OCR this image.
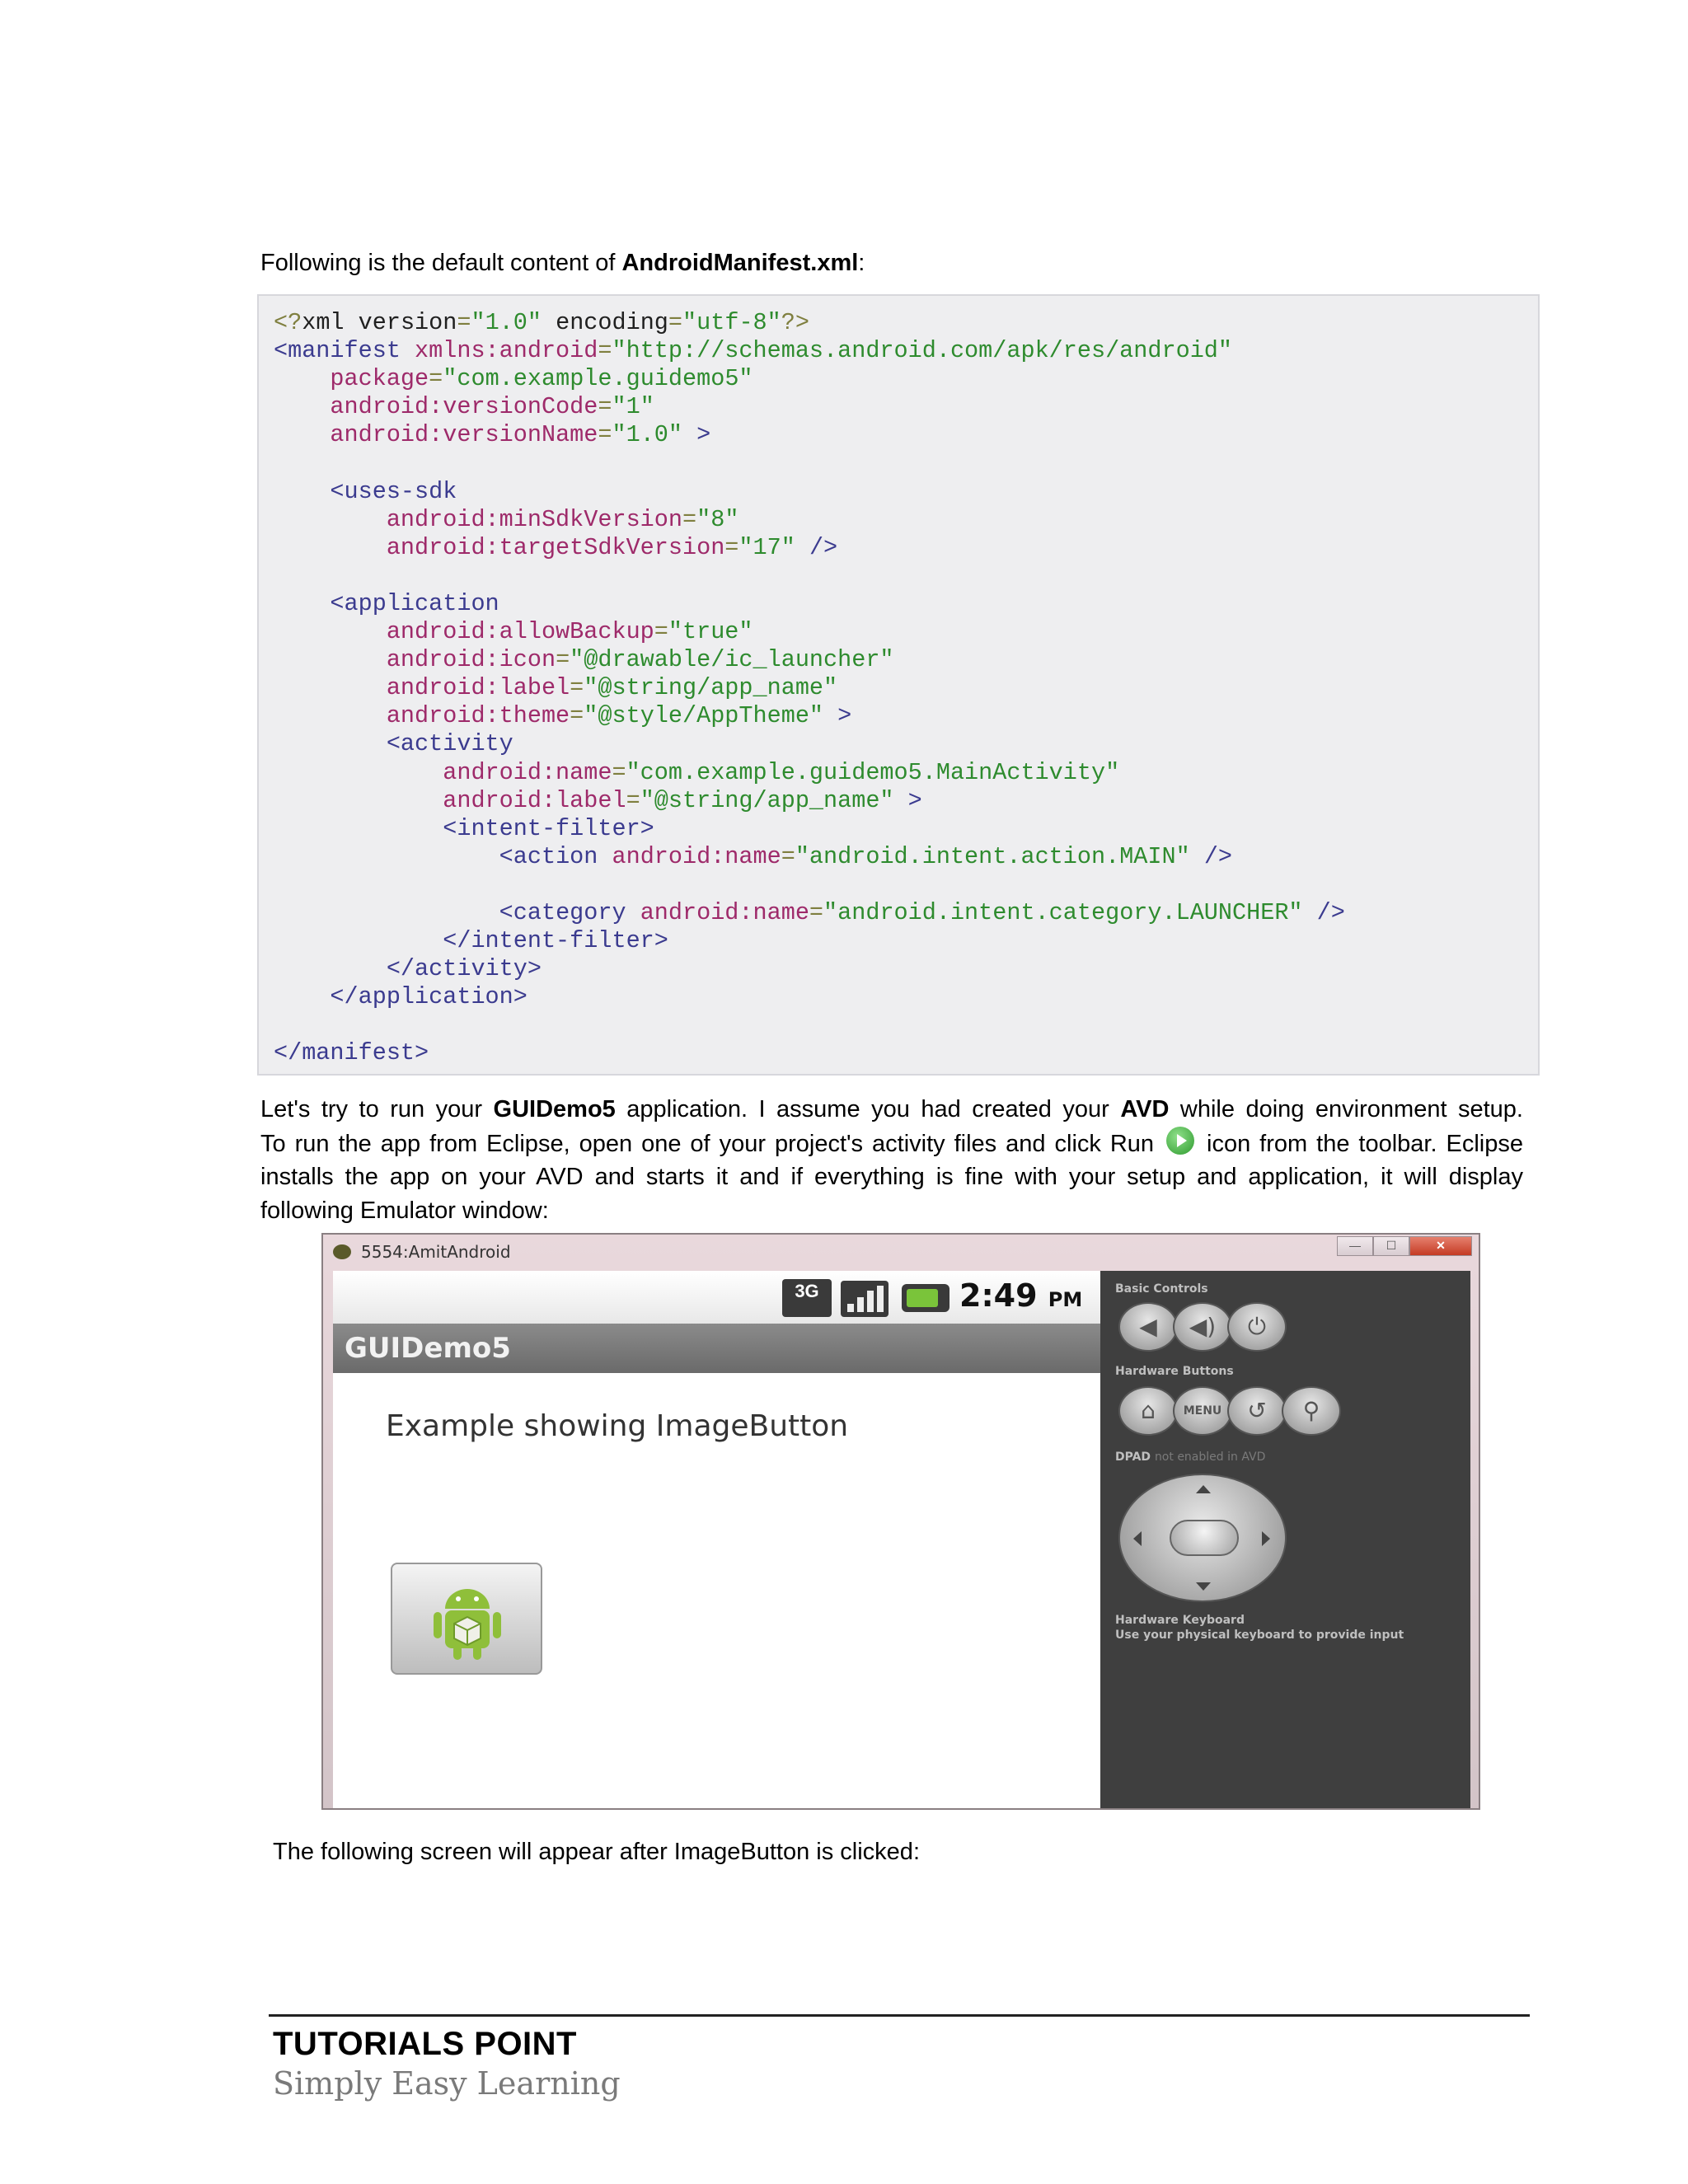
Following is the default content of AndroidManifest.xml:
<?xml version="1.0" encoding="utf-8"?>
<manifest xmlns:android="http://schemas.android.com/apk/res/android"
package="com.example.guidemo5"
android:versionCode="1"
android:versionName="1.0" >

<uses-sdk
android:minSdkVersion="8"
android:targetSdkVersion="17" />

<application
android:allowBackup="true"
android:icon="@drawable/ic_launcher"
android:label="@string/app_name"
android:theme="@style/AppTheme" >
<activity
android:name="com.example.guidemo5.MainActivity"
android:label="@string/app_name" >
<intent-filter>
<action android:name="android.intent.action.MAIN" />

<category android:name="android.intent.category.LAUNCHER" />
</intent-filter>
</activity>
</application>

</manifest>
Let's try to run your GUIDemo5 application. I assume you had created your AVD while doing environment setup.
To run the app from Eclipse, open one of your project's activity files and click Run  icon from the toolbar. Eclipse
installs the app on your AVD and starts it and if everything is fine with your setup and application, it will display
following Emulator window:
5554:AmitAndroid	—	☐	✕
3G	2:49 PM
GUIDemo5
Example showing ImageButton
Basic Controls
◀	◀)	⏻
Hardware Buttons
⌂	MENU	↺	⚲
DPAD not enabled in AVD
Hardware Keyboard
Use your physical keyboard to provide input
The following screen will appear after ImageButton is clicked:
TUTORIALS POINT
Simply Easy Learning
